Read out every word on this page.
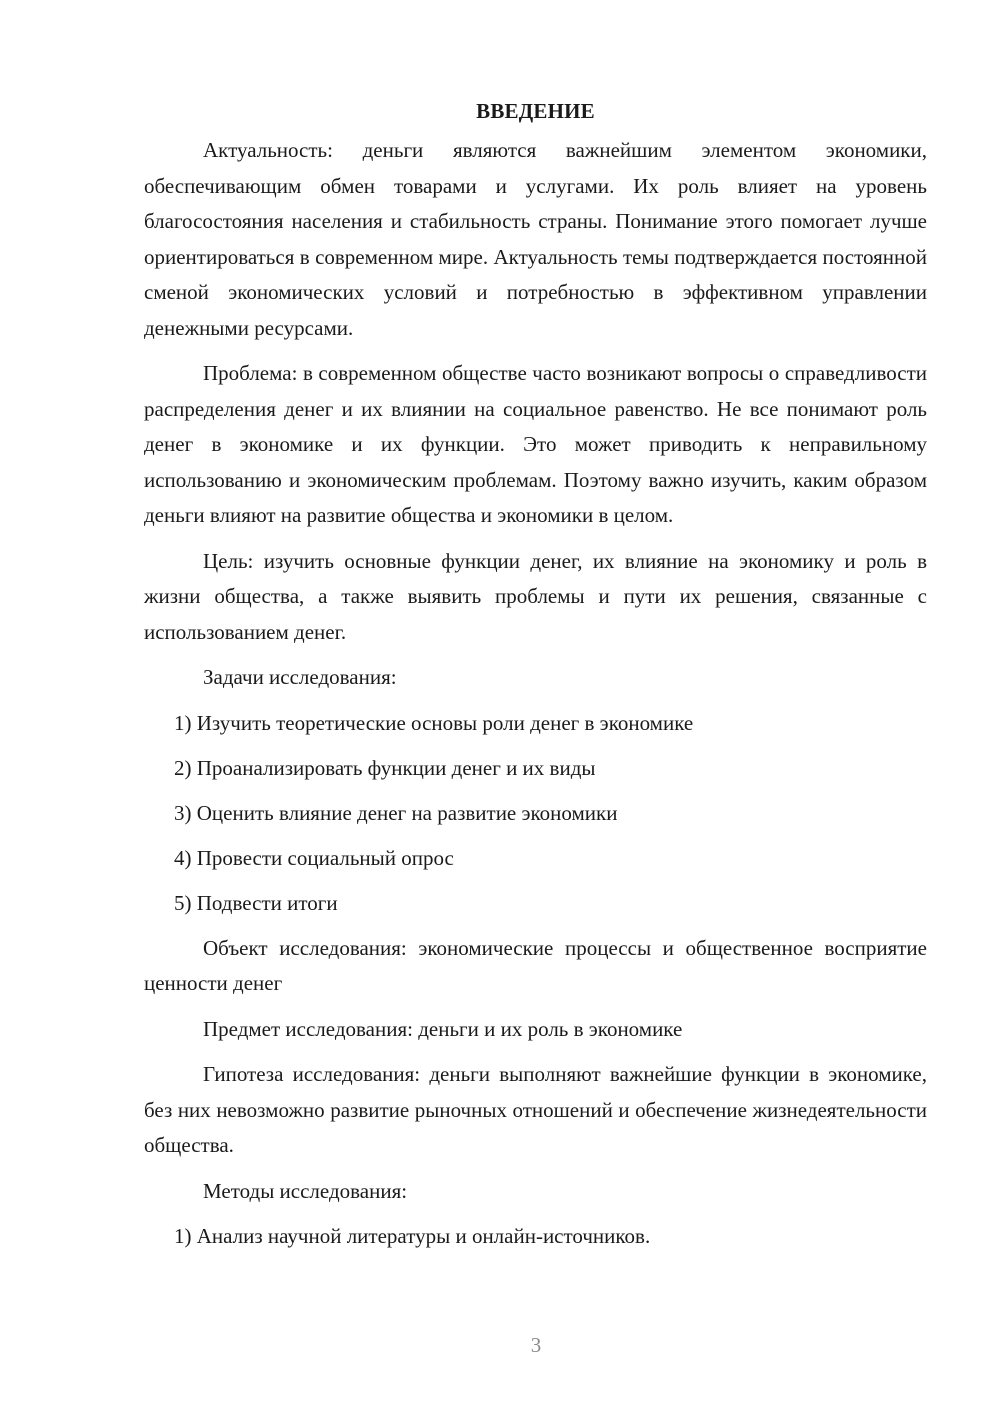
ВВЕДЕНИЕ

Актуальность: деньги являются важнейшим элементом экономики, обеспечивающим обмен товарами и услугами. Их роль влияет на уровень благосостояния населения и стабильность страны. Понимание этого помогает лучше ориентироваться в современном мире. Актуальность темы подтверждается постоянной сменой экономических условий и потребностью в эффективном управлении денежными ресурсами.

Проблема: в современном обществе часто возникают вопросы о справедливости распределения денег и их влиянии на социальное равенство. Не все понимают роль денег в экономике и их функции. Это может приводить к неправильному использованию и экономическим проблемам. Поэтому важно изучить, каким образом деньги влияют на развитие общества и экономики в целом.

Цель: изучить основные функции денег, их влияние на экономику и роль в жизни общества, а также выявить проблемы и пути их решения, связанные с использованием денег.

Задачи исследования:

1) Изучить теоретические основы роли денег в экономике
2) Проанализировать функции денег и их виды
3) Оценить влияние денег на развитие экономики
4) Провести социальный опрос
5) Подвести итоги

Объект исследования: экономические процессы и общественное восприятие ценности денег

Предмет исследования: деньги и их роль в экономике

Гипотеза исследования: деньги выполняют важнейшие функции в экономике, без них невозможно развитие рыночных отношений и обеспечение жизнедеятельности общества.

Методы исследования:

1) Анализ научной литературы и онлайн-источников.
3
